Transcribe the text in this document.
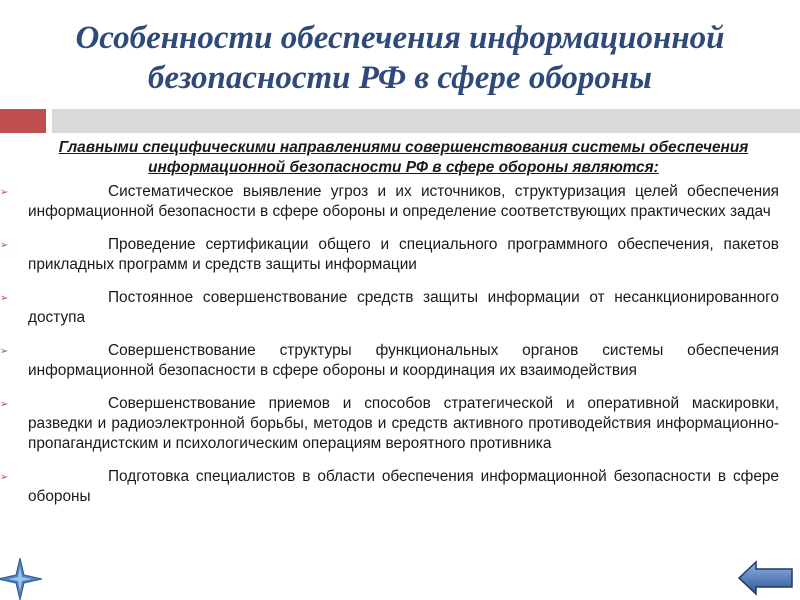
Особенности обеспечения информационной
безопасности РФ в сфере обороны
Главными специфическими направлениями совершенствования системы обеспечения информационной безопасности РФ в сфере обороны являются:
➢	Систематическое выявление угроз и их источников, структуризация целей обеспечения информационной безопасности в сфере обороны и определение соответствующих практических задач
➢	Проведение сертификации общего и специального программного обеспечения, пакетов прикладных программ и средств защиты информации
➢	Постоянное совершенствование средств защиты информации от несанкционированного доступа
➢	Совершенствование структуры функциональных органов системы обеспечения информационной безопасности в сфере обороны и координация их взаимодействия
➢	Совершенствование приемов и способов стратегической и оперативной маскировки, разведки и радиоэлектронной борьбы, методов и средств активного противодействия информационно-пропагандистским и психологическим операциям вероятного противника
➢	Подготовка специалистов в области обеспечения информационной безопасности в сфере обороны
